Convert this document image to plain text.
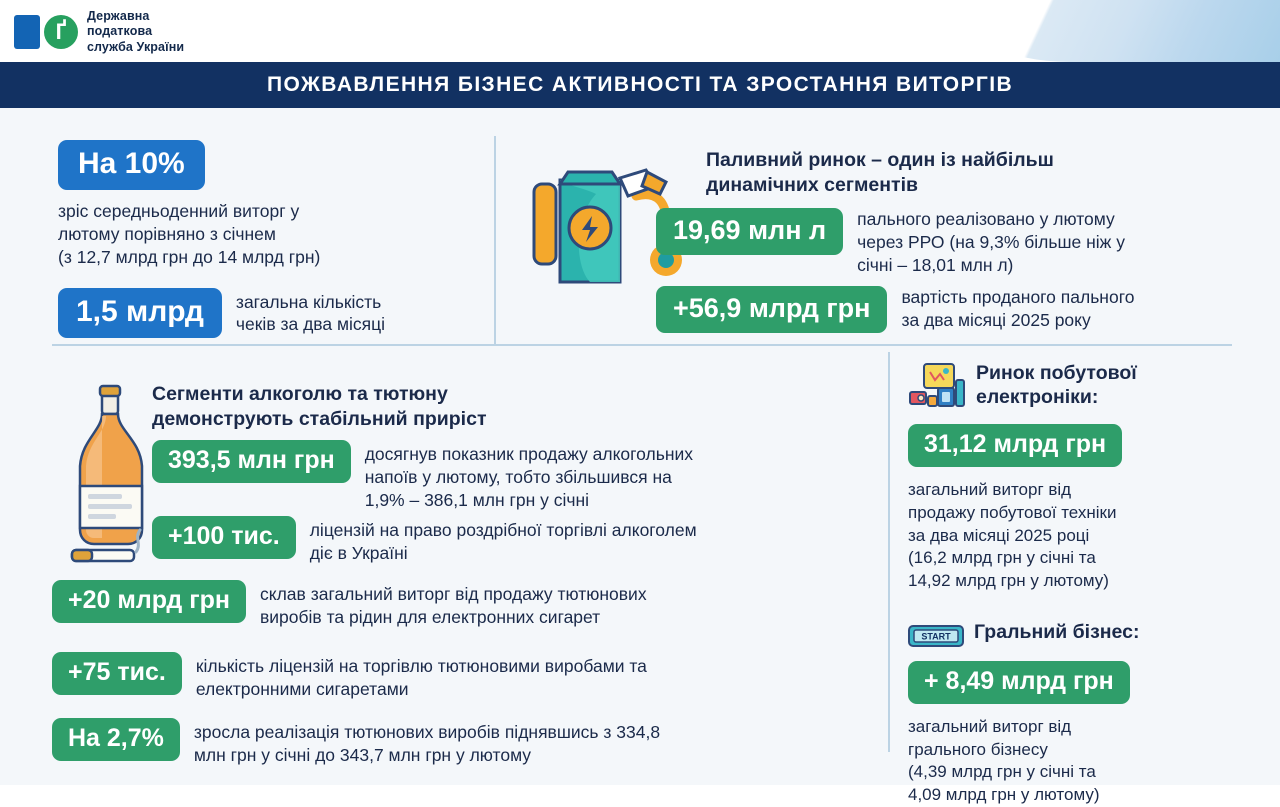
Ґ
Державна
податкова
служба України
ПОЖВАВЛЕННЯ БІЗНЕС АКТИВНОСТІ ТА ЗРОСТАННЯ ВИТОРГІВ
На 10%
зріс середньоденний виторг у
лютому порівняно з січнем
(з 12,7 млрд грн до 14 млрд грн)
1,5 млрд	загальна кількість
чеків за два місяці
Паливний ринок – один із найбільш
динамічних сегментів
19,69 млн л	пального реалізовано у лютому
через РРО (на 9,3% більше ніж у
січні – 18,01 млн л)
+56,9 млрд грн	вартість проданого пального
за два місяці 2025 року
Сегменти алкоголю та тютюну
демонструють стабільний приріст
393,5 млн грн	досягнув показник продажу алкогольних
напоїв у лютому, тобто збільшився на
1,9% – 386,1 млн грн у січні
+100 тис.	ліцензій на право роздрібної торгівлі алкоголем
діє в Україні
+20 млрд грн	склав загальний виторг від продажу тютюнових
виробів та рідин для електронних сигарет
+75 тис.	кількість ліцензій на торгівлю тютюновими виробами та
електронними сигаретами
На 2,7%	зросла реалізація тютюнових виробів піднявшись з 334,8
млн грн у січні до 343,7 млн грн у лютому
Ринок побутової
електроніки:
31,12 млрд грн
загальний виторг від
продажу побутової техніки
за два місяці 2025 році
(16,2 млрд грн у січні та
14,92 млрд грн у лютому)
START Гральний бізнес:
+ 8,49 млрд грн
загальний виторг від
грального бізнесу
(4,39 млрд грн у січні та
4,09 млрд грн у лютому)
